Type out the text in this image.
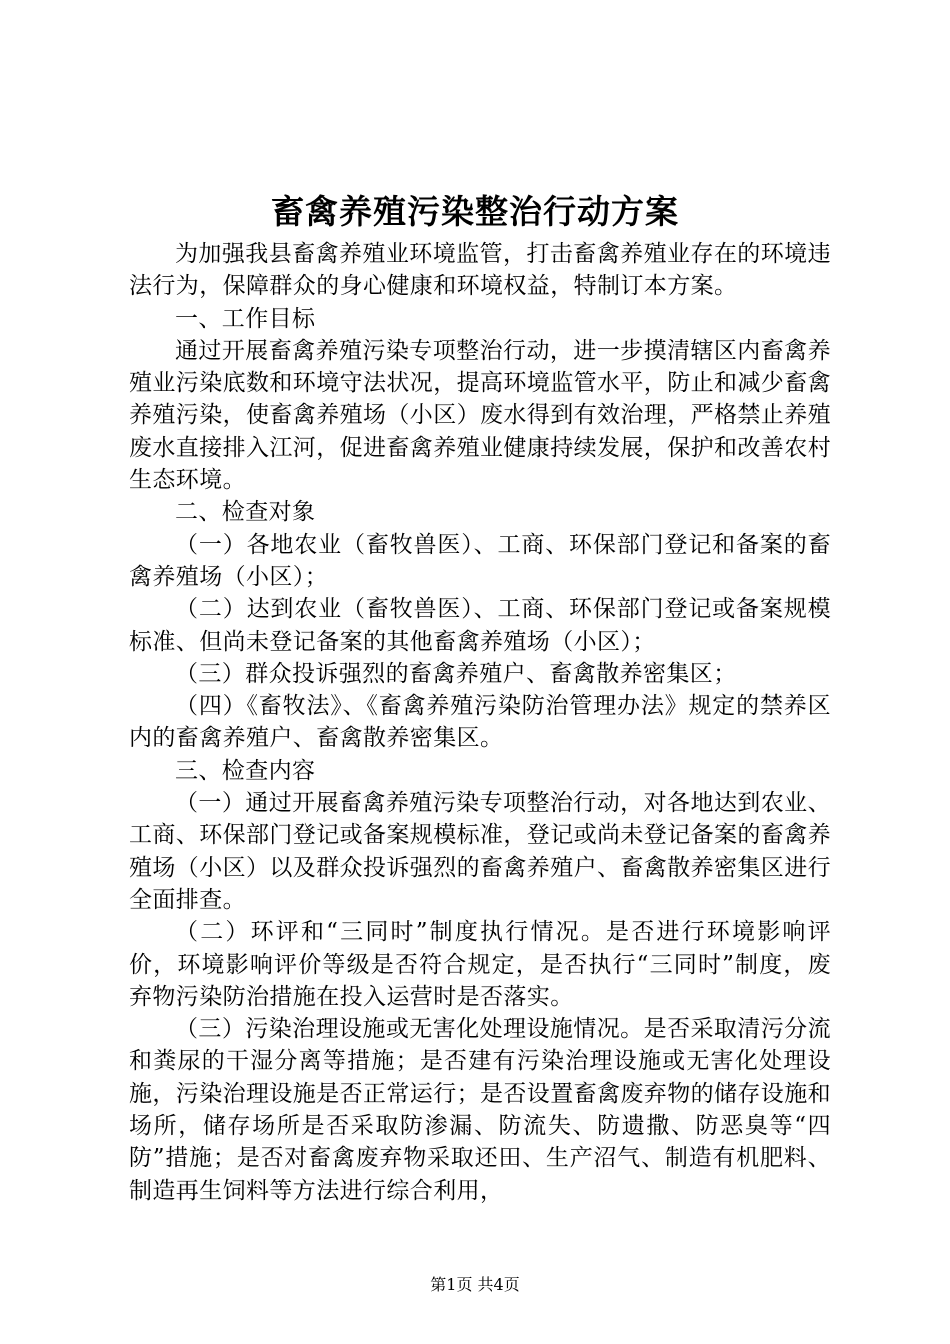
畜禽养殖污染整治行动方案

为加强我县畜禽养殖业环境监管，打击畜禽养殖业存在的环境违法行为，保障群众的身心健康和环境权益，特制订本方案。

一、工作目标

通过开展畜禽养殖污染专项整治行动，进一步摸清辖区内畜禽养殖业污染底数和环境守法状况，提高环境监管水平，防止和减少畜禽养殖污染，使畜禽养殖场（小区）废水得到有效治理，严格禁止养殖废水直接排入江河，促进畜禽养殖业健康持续发展，保护和改善农村生态环境。

二、检查对象

（一）各地农业（畜牧兽医）、工商、环保部门登记和备案的畜禽养殖场（小区）；

（二）达到农业（畜牧兽医）、工商、环保部门登记或备案规模标准、但尚未登记备案的其他畜禽养殖场（小区）；

（三）群众投诉强烈的畜禽养殖户、畜禽散养密集区；

（四）《畜牧法》、《畜禽养殖污染防治管理办法》规定的禁养区内的畜禽养殖户、畜禽散养密集区。

三、检查内容

（一）通过开展畜禽养殖污染专项整治行动，对各地达到农业、工商、环保部门登记或备案规模标准，登记或尚未登记备案的畜禽养殖场（小区）以及群众投诉强烈的畜禽养殖户、畜禽散养密集区进行全面排查。

（二）环评和“三同时”制度执行情况。是否进行环境影响评价，环境影响评价等级是否符合规定，是否执行“三同时”制度，废弃物污染防治措施在投入运营时是否落实。

（三）污染治理设施或无害化处理设施情况。是否采取清污分流和粪尿的干湿分离等措施；是否建有污染治理设施或无害化处理设施，污染治理设施是否正常运行；是否设置畜禽废弃物的储存设施和场所，储存场所是否采取防渗漏、防流失、防遗撒、防恶臭等“四防”措施；是否对畜禽废弃物采取还田、生产沼气、制造有机肥料、制造再生饲料等方法进行综合利用，

第1页 共4页
